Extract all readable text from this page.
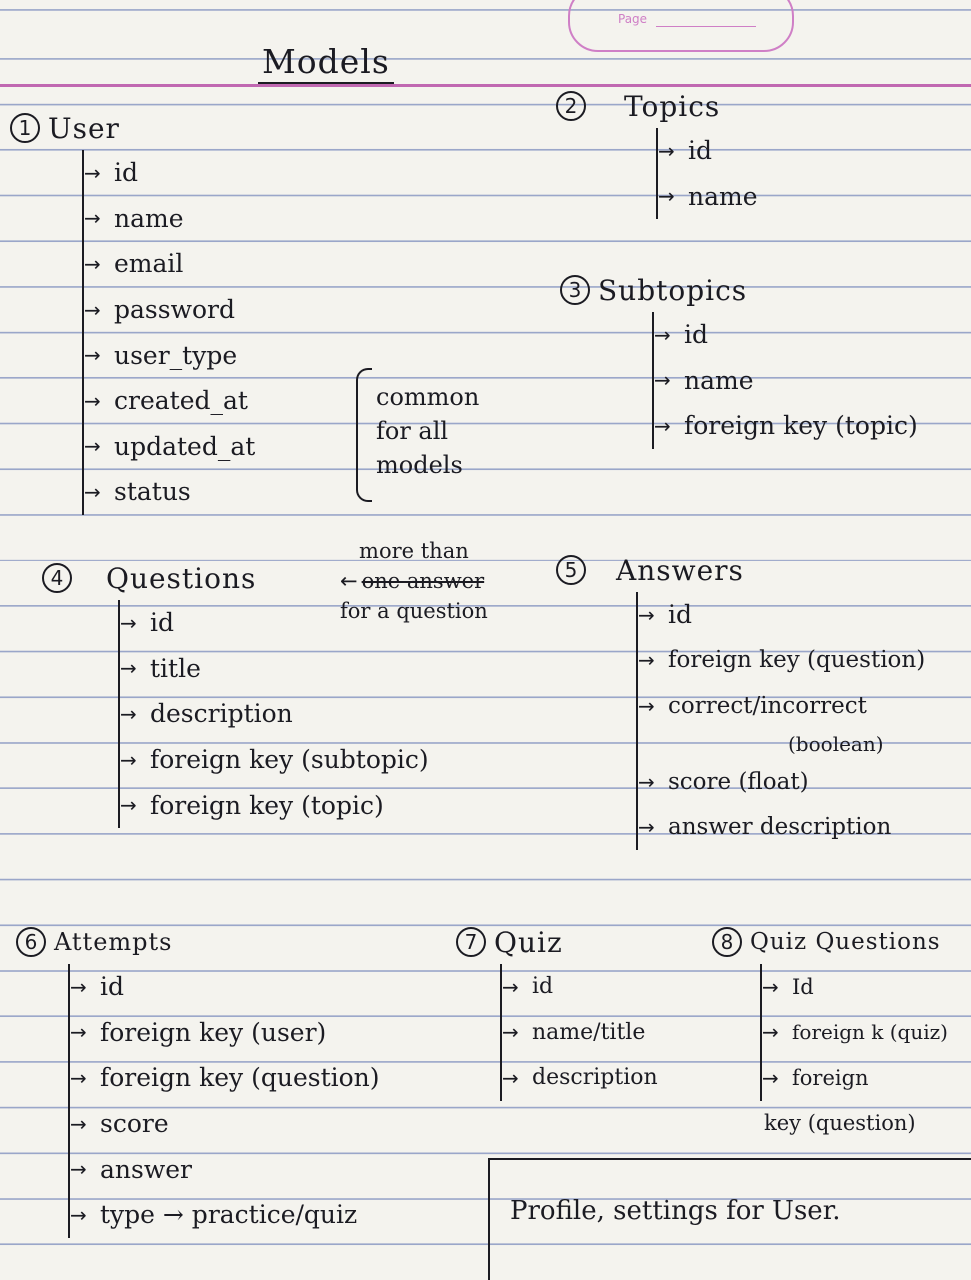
Page
Models
1 User
→ id
→ name
→ email
→ password
→ user_type
→ created_at
→ updated_at
→ status
common
for all
models
2	Topics
→ id
→ name
3 Subtopics
→ id
→ name
→ foreign key (topic)
4	Questions
→ id
→ title
→ description
→ foreign key (subtopic)
→ foreign key (topic)
more than
← one answer
for a question
5	Answers
→ id
→ foreign key (question)
→ correct/incorrect
(boolean)
→ score (float)
→ answer description
6 Attempts
→ id
→ foreign key (user)
→ foreign key (question)
→ score
→ answer
→ type → practice/quiz
7 Quiz
→ id
→ name/title
→ description
8 Quiz Questions
→ Id
→ foreign k (quiz)
→ foreign
key (question)
Profile, settings for User.
